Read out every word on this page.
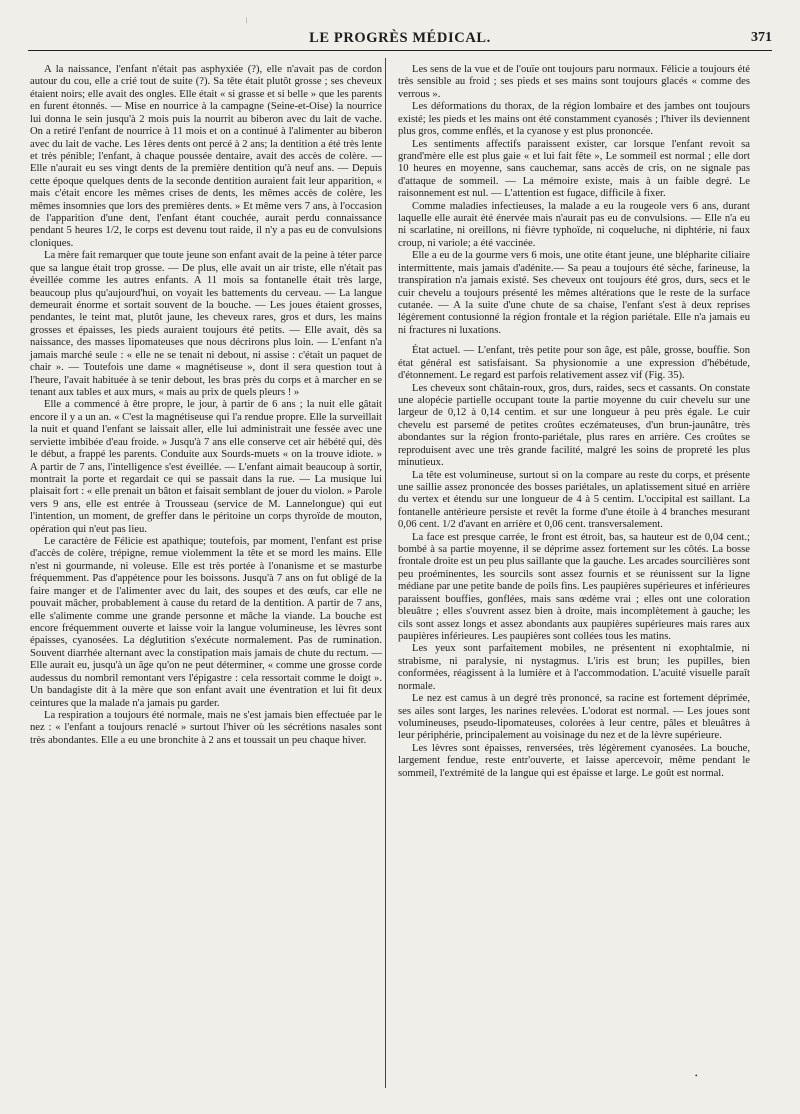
|
LE PROGRÈS MÉDICAL.	371

A la naissance, l'enfant n'était pas asphyxiée (?), elle n'avait pas de cordon autour du cou, elle a crié tout de suite (?). Sa tête était plutôt grosse ; ses cheveux étaient noirs; elle avait des ongles. Elle était « si grasse et si belle » que les parents en furent étonnés. — Mise en nourrice à la campagne (Seine-et-Oise) la nourrice lui donna le sein jusqu'à 2 mois puis la nourrit au biberon avec du lait de vache. On a retiré l'enfant de nourrice à 11 mois et on a continué à l'alimenter au biberon avec du lait de vache. Les 1ères dents ont percé à 2 ans; la dentition a été très lente et très pénible; l'enfant, à chaque poussée dentaire, avait des accès de colère. — Elle n'aurait eu ses vingt dents de la première dentition qu'à neuf ans. — Depuis cette époque quelques dents de la seconde dentition auraient fait leur apparition, « mais c'était encore les mêmes crises de dents, les mêmes accès de colère, les mêmes insomnies que lors des premières dents. » Et même vers 7 ans, à l'occasion de l'apparition d'une dent, l'enfant étant couchée, aurait perdu connaissance pendant 5 heures 1/2, le corps est devenu tout raide, il n'y a pas eu de convulsions cloniques.

La mère fait remarquer que toute jeune son enfant avait de la peine à téter parce que sa langue était trop grosse. — De plus, elle avait un air triste, elle n'était pas éveillée comme les autres enfants. A 11 mois sa fontanelle était très large, beaucoup plus qu'aujourd'hui, on voyait les battements du cerveau. — La langue demeurait énorme et sortait souvent de la bouche. — Les joues étaient grosses, pendantes, le teint mat, plutôt jaune, les cheveux rares, gros et durs, les mains grosses et épaisses, les pieds auraient toujours été petits. — Elle avait, dès sa naissance, des masses lipomateuses que nous décrirons plus loin. — L'enfant n'a jamais marché seule : « elle ne se tenait ni debout, ni assise : c'était un paquet de chair ». — Toutefois une dame « magnétiseuse », dont il sera question tout à l'heure, l'avait habituée à se tenir debout, les bras près du corps et à marcher en se tenant aux tables et aux murs, « mais au prix de quels pleurs ! »

Elle a commencé à être propre, le jour, à partir de 6 ans ; la nuit elle gâtait encore il y a un an. « C'est la magnétiseuse qui l'a rendue propre. Elle la surveillait la nuit et quand l'enfant se laissait aller, elle lui administrait une fessée avec une serviette imbibée d'eau froide. » Jusqu'à 7 ans elle conserve cet air hébété qui, dès le début, a frappé les parents. Conduite aux Sourds-muets « on la trouve idiote. » A partir de 7 ans, l'intelligence s'est éveillée. — L'enfant aimait beaucoup à sortir, montrait la porte et regardait ce qui se passait dans la rue. — La musique lui plaisait fort : « elle prenait un bâton et faisait semblant de jouer du violon. » Parole vers 9 ans, elle est entrée à Trousseau (service de M. Lannelongue) qui eut l'intention, un moment, de greffer dans le péritoine un corps thyroïde de mouton, opération qui n'eut pas lieu.

Le caractère de Félicie est apathique; toutefois, par moment, l'enfant est prise d'accès de colère, trépigne, remue violemment la tête et se mord les mains. Elle n'est ni gourmande, ni voleuse. Elle est très portée à l'onanisme et se masturbe fréquemment. Pas d'appétence pour les boissons. Jusqu'à 7 ans on fut obligé de la faire manger et de l'alimenter avec du lait, des soupes et des œufs, car elle ne pouvait mâcher, probablement à cause du retard de la dentition. A partir de 7 ans, elle s'alimente comme une grande personne et mâche la viande. La bouche est encore fréquemment ouverte et laisse voir la langue volumineuse, les lèvres sont épaisses, cyanosées. La déglutition s'exécute normalement. Pas de rumination. Souvent diarrhée alternant avec la constipation mais jamais de chute du rectum. — Elle aurait eu, jusqu'à un âge qu'on ne peut déterminer, « comme une grosse corde audessus du nombril remontant vers l'épigastre : cela ressortait comme le doigt ». Un bandagiste dit à la mère que son enfant avait une éventration et lui fit deux ceintures que la malade n'a jamais pu garder.

La respiration a toujours été normale, mais ne s'est jamais bien effectuée par le nez : « l'enfant a toujours renaclé » surtout l'hiver où les sécrétions nasales sont très abondantes. Elle a eu une bronchite à 2 ans et toussait un peu chaque hiver.

Les sens de la vue et de l'ouïe ont toujours paru normaux. Félicie a toujours été très sensible au froid ; ses pieds et ses mains sont toujours glacés « comme des verrous ».

Les déformations du thorax, de la région lombaire et des jambes ont toujours existé; les pieds et les mains ont été constamment cyanosés ; l'hiver ils deviennent plus gros, comme enflés, et la cyanose y est plus prononcée.

Les sentiments affectifs paraissent exister, car lorsque l'enfant revoit sa grand'mère elle est plus gaie « et lui fait fête », Le sommeil est normal ; elle dort 10 heures en moyenne, sans cauchemar, sans accès de cris, on ne signale pas d'attaque de sommeil. — La mémoire existe, mais à un faible degré. Le raisonnement est nul. — L'attention est fugace, difficile à fixer.

Comme maladies infectieuses, la malade a eu la rougeole vers 6 ans, durant laquelle elle aurait été énervée mais n'aurait pas eu de convulsions. — Elle n'a eu ni scarlatine, ni oreillons, ni fièvre typhoïde, ni coqueluche, ni diphtérie, ni faux croup, ni variole; a été vaccinée.

Elle a eu de la gourme vers 6 mois, une otite étant jeune, une blépharite ciliaire intermittente, mais jamais d'adénite.— Sa peau a toujours été sèche, farineuse, la transpiration n'a jamais existé. Ses cheveux ont toujours été gros, durs, secs et le cuir chevelu a toujours présenté les mêmes altérations que le reste de la surface cutanée. — A la suite d'une chute de sa chaise, l'enfant s'est à deux reprises légèrement contusionné la région frontale et la région pariétale. Elle n'a jamais eu ni fractures ni luxations.

État actuel. — L'enfant, très petite pour son âge, est pâle, grosse, bouffie. Son état général est satisfaisant. Sa physionomie a une expression d'hébétude, d'étonnement. Le regard est parfois relativement assez vif (Fig. 35).

Les cheveux sont châtain-roux, gros, durs, raides, secs et cassants. On constate une alopécie partielle occupant toute la partie moyenne du cuir chevelu sur une largeur de 0,12 à 0,14 centim. et sur une longueur à peu près égale. Le cuir chevelu est parsemé de petites croûtes eczémateuses, d'un brun-jaunâtre, très abondantes sur la région fronto-pariétale, plus rares en arrière. Ces croûtes se reproduisent avec une très grande facilité, malgré les soins de propreté les plus minutieux.

La tête est volumineuse, surtout si on la compare au reste du corps, et présente une saillie assez prononcée des bosses pariétales, un aplatissement situé en arrière du vertex et étendu sur une longueur de 4 à 5 centim. L'occipital est saillant. La fontanelle antérieure persiste et revêt la forme d'une étoile à 4 branches mesurant 0,06 cent. 1/2 d'avant en arrière et 0,06 cent. transversalement.

La face est presque carrée, le front est étroit, bas, sa hauteur est de 0,04 cent.; bombé à sa partie moyenne, il se déprime assez fortement sur les côtés. La bosse frontale droite est un peu plus saillante que la gauche. Les arcades sourcilières sont peu proéminentes, les sourcils sont assez fournis et se réunissent sur la ligne médiane par une petite bande de poils fins. Les paupières supérieures et inférieures paraissent bouffies, gonflées, mais sans œdème vrai ; elles ont une coloration bleuâtre ; elles s'ouvrent assez bien à droite, mais incomplètement à gauche; les cils sont assez longs et assez abondants aux paupières supérieures mais rares aux paupières inférieures. Les paupières sont collées tous les matins.

Les yeux sont parfaitement mobiles, ne présentent ni exophtalmie, ni strabisme, ni paralysie, ni nystagmus. L'iris est brun; les pupilles, bien conformées, réagissent à la lumière et à l'accommodation. L'acuité visuelle paraît normale.

Le nez est camus à un degré très prononcé, sa racine est fortement déprimée, ses ailes sont larges, les narines relevées. L'odorat est normal. — Les joues sont volumineuses, pseudo-lipomateuses, colorées à leur centre, pâles et bleuâtres à leur périphérie, principalement au voisinage du nez et de la lèvre supérieure.

Les lèvres sont épaisses, renversées, très légèrement cyanosées. La bouche, largement fendue, reste entr'ouverte, et laisse apercevoir, même pendant le sommeil, l'extrémité de la langue qui est épaisse et large. Le goût est normal.

•
